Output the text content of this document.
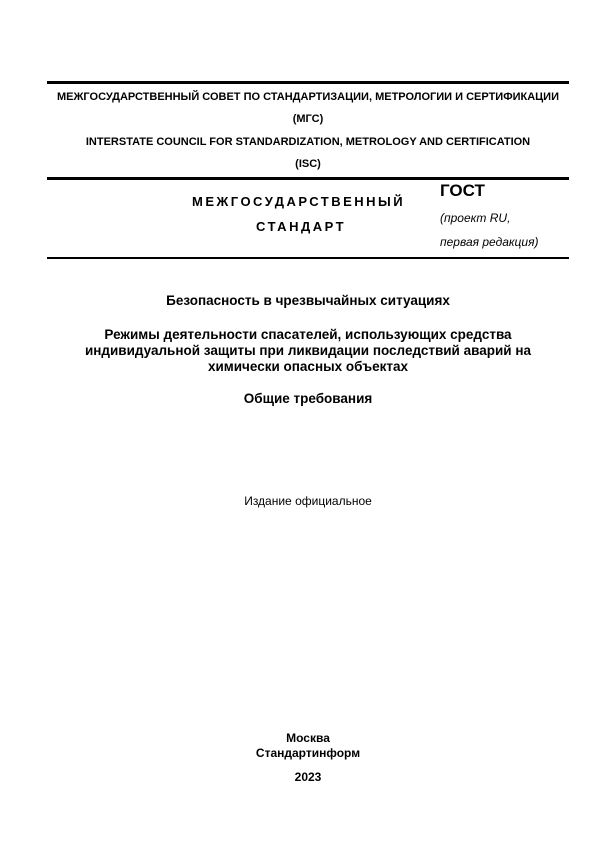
МЕЖГОСУДАРСТВЕННЫЙ СОВЕТ ПО СТАНДАРТИЗАЦИИ, МЕТРОЛОГИИ И СЕРТИФИКАЦИИ
(МГС)
INTERSTATE COUNCIL FOR STANDARDIZATION, METROLOGY AND CERTIFICATION
(ISC)
МЕЖГОСУДАРСТВЕННЫЙ
СТАНДАРТ
ГОСТ
(проект RU,
первая редакция)
Безопасность в чрезвычайных ситуациях
Режимы деятельности спасателей, использующих средства
индивидуальной защиты при ликвидации последствий аварий на
химически опасных объектах
Общие требования
Издание официальное
Москва
Стандартинформ
2023
